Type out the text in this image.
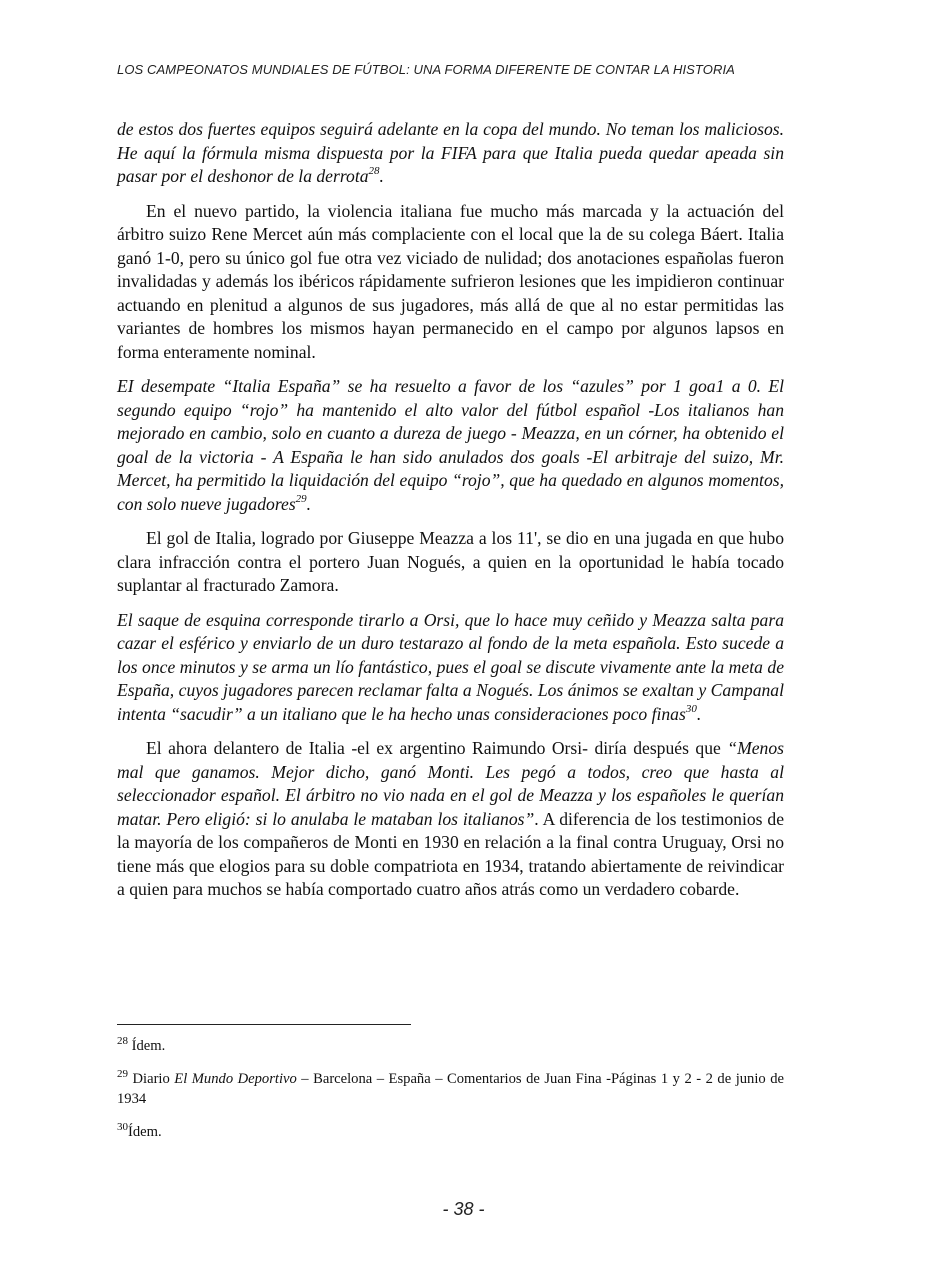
LOS CAMPEONATOS MUNDIALES DE FÚTBOL: UNA FORMA DIFERENTE DE CONTAR LA HISTORIA

de estos dos fuertes equipos seguirá adelante en la copa del mundo. No teman los maliciosos. He aquí la fórmula misma dispuesta por la FIFA para que Italia pueda quedar apeada sin pasar por el deshonor de la derrota$^{28}$.

En el nuevo partido, la violencia italiana fue mucho más marcada y la actuación del árbitro suizo Rene Mercet aún más complaciente con el local que la de su colega Báert. Italia ganó 1-0, pero su único gol fue otra vez viciado de nulidad; dos anotaciones españolas fueron invalidadas y además los ibéricos rápidamente sufrieron lesiones que les impidieron continuar actuando en plenitud a algunos de sus jugadores, más allá de que al no estar permitidas las variantes de hombres los mismos hayan permanecido en el campo por algunos lapsos en forma enteramente nominal.

EI desempate “Italia España” se ha resuelto a favor de los “azules” por 1 goa1 a 0. El segundo equipo “rojo” ha mantenido el alto valor del fútbol español -Los italianos han mejorado en cambio, solo en cuanto a dureza de juego - Meazza, en un córner, ha obtenido el goal de la victoria - A España le han sido anulados dos goals -El arbitraje del suizo, Mr. Mercet, ha permitido la liquidación del equipo “rojo”, que ha quedado en algunos momentos, con solo nueve jugadores$^{29}$.

El gol de Italia, logrado por Giuseppe Meazza a los 11', se dio en una jugada en que hubo clara infracción contra el portero Juan Nogués, a quien en la oportunidad le había tocado suplantar al fracturado Zamora.

El saque de esquina corresponde tirarlo a Orsi, que lo hace muy ceñido y Meazza salta para cazar el esférico y enviarlo de un duro testarazo al fondo de la meta española. Esto sucede a los once minutos y se arma un lío fantástico, pues el goal se discute vivamente ante la meta de España, cuyos jugadores parecen reclamar falta a Nogués. Los ánimos se exaltan y Campanal intenta “sacudir” a un italiano que le ha hecho unas consideraciones poco finas$^{30}$.

El ahora delantero de Italia -el ex argentino Raimundo Orsi- diría después que “Menos mal que ganamos. Mejor dicho, ganó Monti. Les pegó a todos, creo que hasta al seleccionador español. El árbitro no vio nada en el gol de Meazza y los españoles le querían matar. Pero eligió: si lo anulaba le mataban los italianos”. A diferencia de los testimonios de la mayoría de los compañeros de Monti en 1930 en relación a la final contra Uruguay, Orsi no tiene más que elogios para su doble compatriota en 1934, tratando abiertamente de reivindicar a quien para muchos se había comportado cuatro años atrás como un verdadero cobarde.

$^{28}$ Ídem.

$^{29}$ Diario El Mundo Deportivo – Barcelona – España – Comentarios de Juan Fina -Páginas 1 y 2 - 2 de junio de 1934

$^{30}$Ídem.

- 38 -
